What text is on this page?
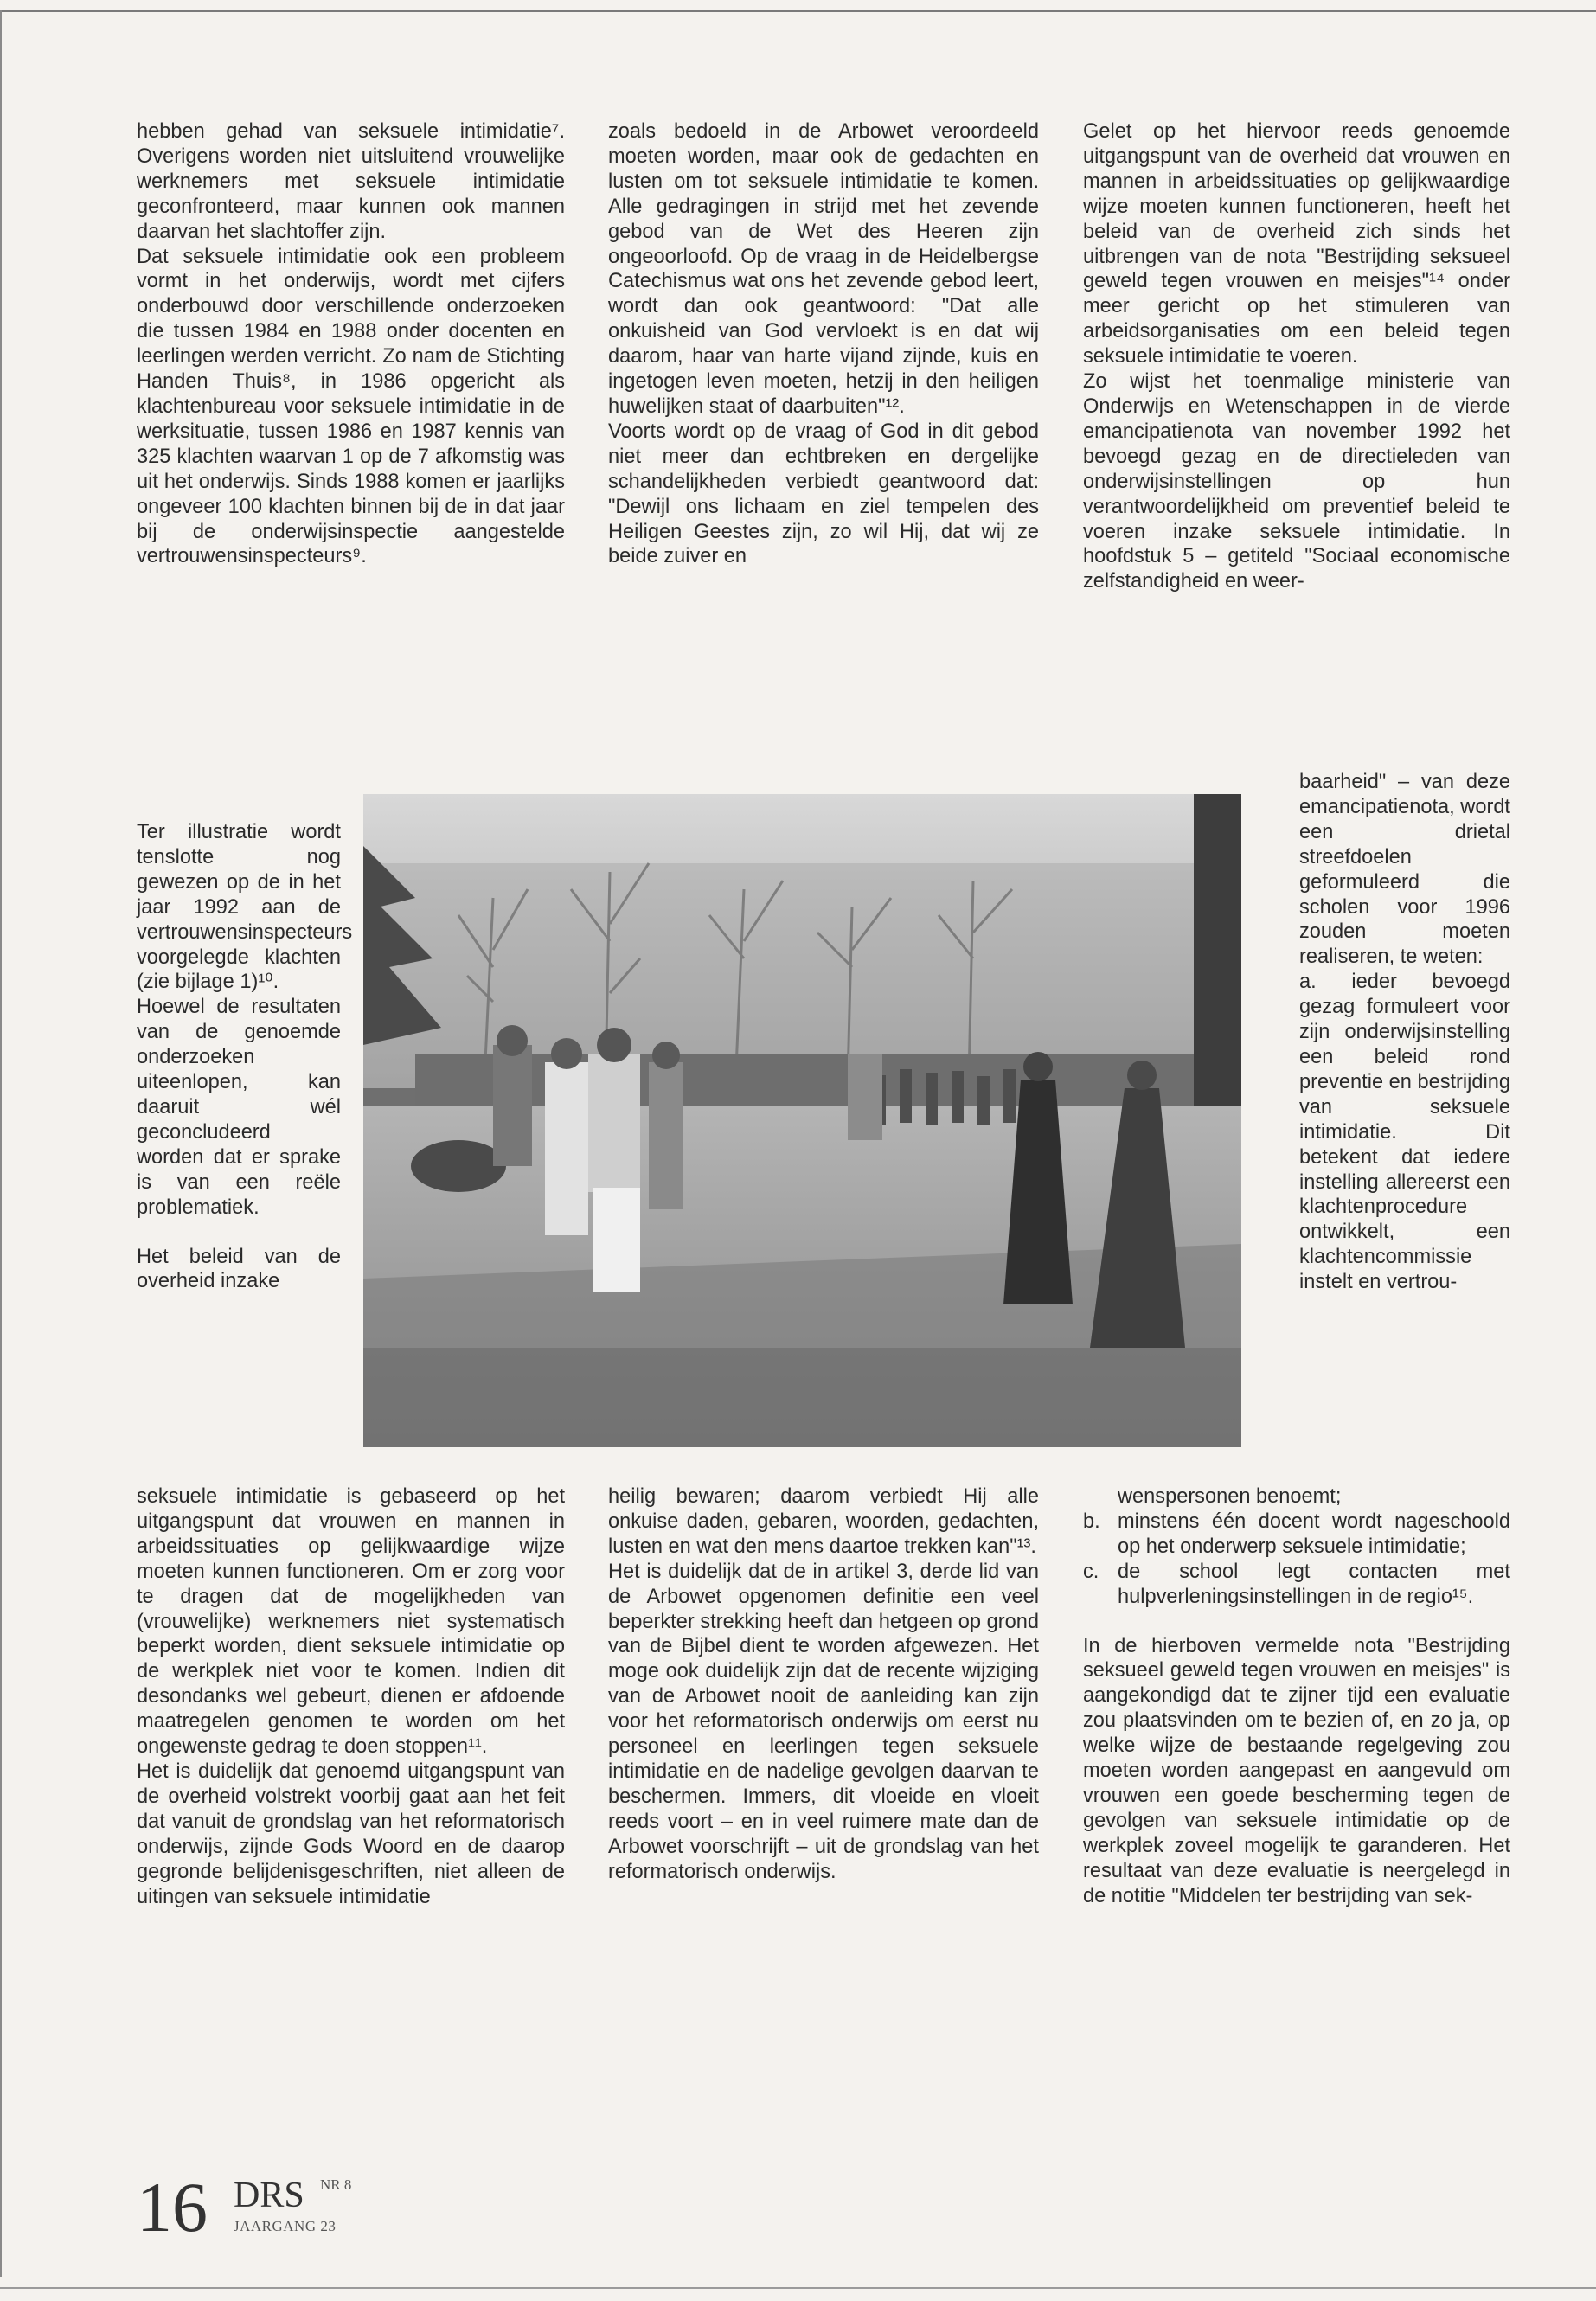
hebben gehad van seksuele intimidatie⁷. Overigens worden niet uitsluitend vrouwelijke werknemers met seksuele intimidatie geconfronteerd, maar kunnen ook mannen daarvan het slachtoffer zijn.

Dat seksuele intimidatie ook een probleem vormt in het onderwijs, wordt met cijfers onderbouwd door verschillende onderzoeken die tussen 1984 en 1988 onder docenten en leerlingen werden verricht. Zo nam de Stichting Handen Thuis⁸, in 1986 opgericht als klachtenbureau voor seksuele intimidatie in de werksituatie, tussen 1986 en 1987 kennis van 325 klachten waarvan 1 op de 7 afkomstig was uit het onderwijs. Sinds 1988 komen er jaarlijks ongeveer 100 klachten binnen bij de in dat jaar bij de onderwijsinspectie aangestelde vertrouwensinspecteurs⁹.

Ter illustratie wordt tenslotte nog gewezen op de in het jaar 1992 aan de vertrouwensinspecteurs voorgelegde klachten (zie bijlage 1)¹⁰.

Hoewel de resultaten van de genoemde onderzoeken uiteenlopen, kan daaruit wél geconcludeerd worden dat er sprake is van een reële problematiek.

Het beleid van de overheid inzake

seksuele intimidatie is gebaseerd op het uitgangspunt dat vrouwen en mannen in arbeidssituaties op gelijkwaardige wijze moeten kunnen functioneren. Om er zorg voor te dragen dat de mogelijkheden van (vrouwelijke) werknemers niet systematisch beperkt worden, dient seksuele intimidatie op de werkplek niet voor te komen. Indien dit desondanks wel gebeurt, dienen er afdoende maatregelen genomen te worden om het ongewenste gedrag te doen stoppen¹¹.

Het is duidelijk dat genoemd uitgangspunt van de overheid volstrekt voorbij gaat aan het feit dat vanuit de grondslag van het reformatorisch onderwijs, zijnde Gods Woord en de daarop gegronde belijdenisgeschriften, niet alleen de uitingen van seksuele intimidatie

zoals bedoeld in de Arbowet veroordeeld moeten worden, maar ook de gedachten en lusten om tot seksuele intimidatie te komen. Alle gedragingen in strijd met het zevende gebod van de Wet des Heeren zijn ongeoorloofd. Op de vraag in de Heidelbergse Catechismus wat ons het zevende gebod leert, wordt dan ook geantwoord: "Dat alle onkuisheid van God vervloekt is en dat wij daarom, haar van harte vijand zijnde, kuis en ingetogen leven moeten, hetzij in den heiligen huwelijken staat of daarbuiten"¹².

Voorts wordt op de vraag of God in dit gebod niet meer dan echtbreken en dergelijke schandelijkheden verbiedt geantwoord dat: "Dewijl ons lichaam en ziel tempelen des Heiligen Geestes zijn, zo wil Hij, dat wij ze beide zuiver en

heilig bewaren; daarom verbiedt Hij alle onkuise daden, gebaren, woorden, gedachten, lusten en wat den mens daartoe trekken kan"¹³.

Het is duidelijk dat de in artikel 3, derde lid van de Arbowet opgenomen definitie een veel beperkter strekking heeft dan hetgeen op grond van de Bijbel dient te worden afgewezen. Het moge ook duidelijk zijn dat de recente wijziging van de Arbowet nooit de aanleiding kan zijn voor het reformatorisch onderwijs om eerst nu personeel en leerlingen tegen seksuele intimidatie en de nadelige gevolgen daarvan te beschermen. Immers, dit vloeide en vloeit reeds voort – en in veel ruimere mate dan de Arbowet voorschrijft – uit de grondslag van het reformatorisch onderwijs.

Gelet op het hiervoor reeds genoemde uitgangspunt van de overheid dat vrouwen en mannen in arbeidssituaties op gelijkwaardige wijze moeten kunnen functioneren, heeft het beleid van de overheid zich sinds het uitbrengen van de nota "Bestrijding seksueel geweld tegen vrouwen en meisjes"¹⁴ onder meer gericht op het stimuleren van arbeidsorganisaties om een beleid tegen seksuele intimidatie te voeren.

Zo wijst het toenmalige ministerie van Onderwijs en Wetenschappen in de vierde emancipatienota van november 1992 het bevoegd gezag en de directieleden van onderwijsinstellingen op hun verantwoordelijkheid om preventief beleid te voeren inzake seksuele intimidatie. In hoofdstuk 5 – getiteld "Sociaal economische zelfstandigheid en weer-

baarheid" – van deze emancipatienota, wordt een drietal streefdoelen geformuleerd die scholen voor 1996 zouden moeten realiseren, te weten:

a. ieder bevoegd gezag formuleert voor zijn onderwijsinstelling een beleid rond preventie en bestrijding van seksuele intimidatie. Dit betekent dat iedere instelling allereerst een klachtenprocedure ontwikkelt, een klachtencommissie instelt en vertrou-

wenspersonen benoemt;

b. minstens één docent wordt nageschoold op het onderwerp seksuele intimidatie;
c. de school legt contacten met hulpverleningsinstellingen in de regio¹⁵.

In de hierboven vermelde nota "Bestrijding seksueel geweld tegen vrouwen en meisjes" is aangekondigd dat te zijner tijd een evaluatie zou plaatsvinden om te bezien of, en zo ja, op welke wijze de bestaande regelgeving zou moeten worden aangepast en aangevuld om vrouwen een goede bescherming tegen de gevolgen van seksuele intimidatie op de werkplek zoveel mogelijk te garanderen. Het resultaat van deze evaluatie is neergelegd in de notitie "Middelen ter bestrijding van sek-

16 DRS NR 8
JAARGANG 23
